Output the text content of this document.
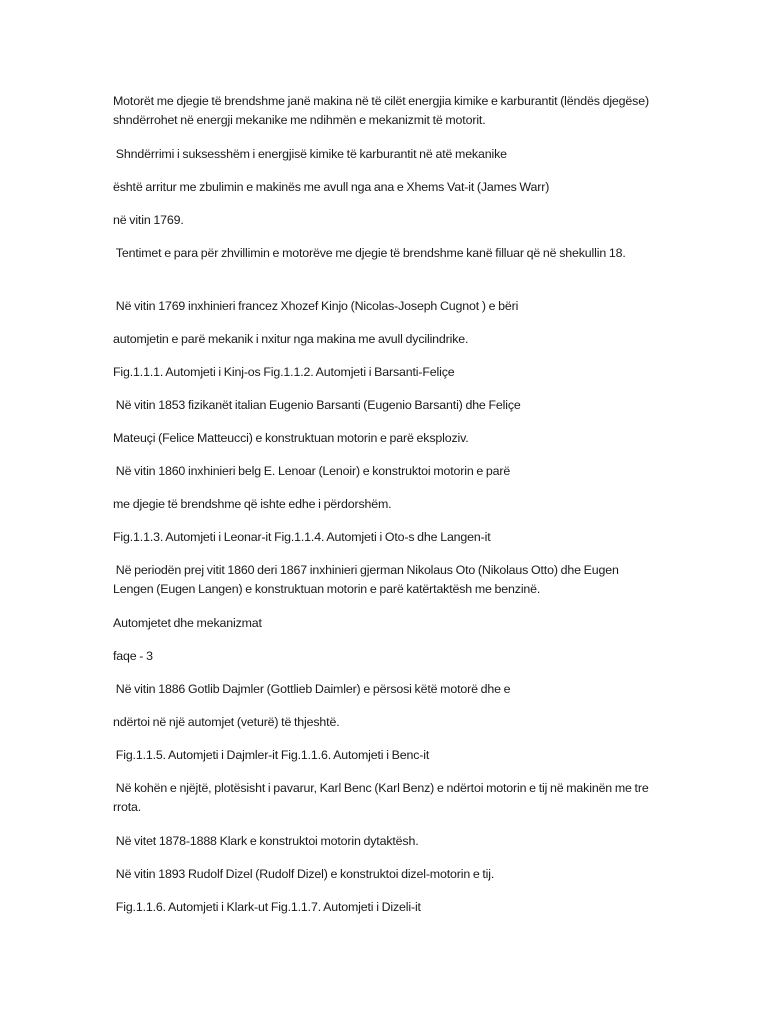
Motorët me djegie të brendshme janë makina në të cilët energjia kimike e karburantit (lëndës djegëse) shndërrohet në energji mekanike me ndihmën e mekanizmit të motorit.

Shndërrimi i suksesshëm i energjisë kimike të karburantit në atë mekanike

është arritur me zbulimin e makinës me avull nga ana e Xhems Vat-it (James Warr)

në vitin 1769.

Tentimet e para për zhvillimin e motorëve me djegie të brendshme kanë filluar që në shekullin 18.

Në vitin 1769 inxhinieri francez Xhozef Kinjo (Nicolas-Joseph Cugnot ) e bëri

automjetin e parë mekanik i nxitur nga makina me avull dycilindrike.

Fig.1.1.1. Automjeti i Kinj-os Fig.1.1.2. Automjeti i Barsanti-Feliçe

Në vitin 1853 fizikanët italian Eugenio Barsanti (Eugenio Barsanti) dhe Feliçe

Mateuçi (Felice Matteucci) e konstruktuan motorin e parë eksploziv.

Në vitin 1860 inxhinieri belg E. Lenoar (Lenoir) e konstruktoi motorin e parë

me djegie të brendshme që ishte edhe i përdorshëm.

Fig.1.1.3. Automjeti i Leonar-it Fig.1.1.4. Automjeti i Oto-s dhe Langen-it

Në periodën prej vitit 1860 deri 1867 inxhinieri gjerman Nikolaus Oto (Nikolaus Otto) dhe Eugen Lengen (Eugen Langen) e konstruktuan motorin e parë katërtaktësh me benzinë.

Automjetet dhe mekanizmat

faqe - 3

Në vitin 1886 Gotlib Dajmler (Gottlieb Daimler) e përsosi këtë motorë dhe e

ndërtoi në një automjet (veturë) të thjeshtë.

Fig.1.1.5. Automjeti i Dajmler-it Fig.1.1.6. Automjeti i Benc-it

Në kohën e njëjtë, plotësisht i pavarur, Karl Benc (Karl Benz) e ndërtoi motorin e tij në makinën me tre rrota.

Në vitet 1878-1888 Klark e konstruktoi motorin dytaktësh.

Në vitin 1893 Rudolf Dizel (Rudolf Dizel) e konstruktoi dizel-motorin e tij.

Fig.1.1.6. Automjeti i Klark-ut Fig.1.1.7. Automjeti i Dizeli-it
